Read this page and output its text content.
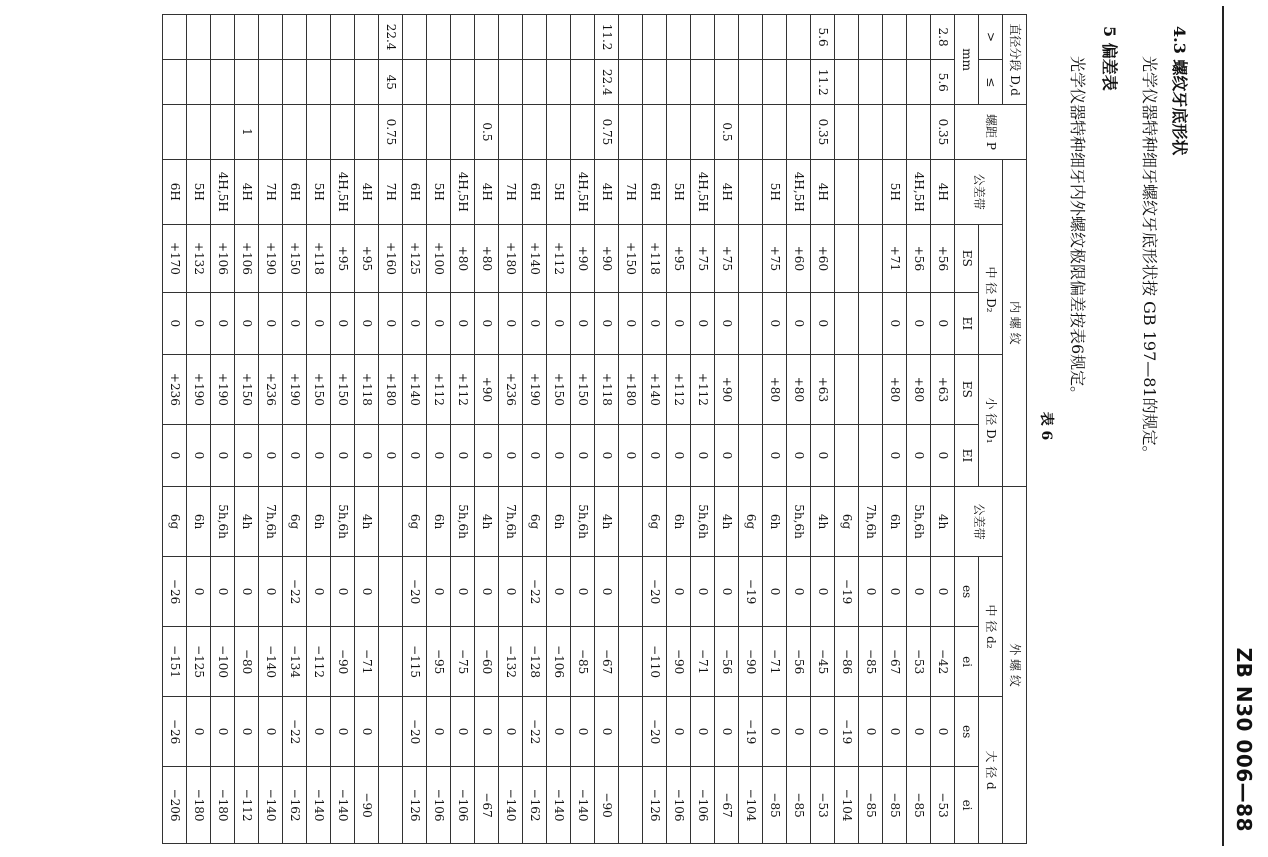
ZB N30 006—88
4.3 螺纹牙底形状
光学仪器特种细牙螺纹牙底形状按 GB 197—81的规定。
5 偏差表
光学仪器特种细牙内外螺纹极限偏差按表6规定。
表 6
直径分段 D,d		螺距 P	内 螺 纹					外 螺 纹				
>	≤		公差带	中 径 D₂		小 径 D₁		公差带	中 径 d₂		大 径 d	
mm				ES	EI	ES	EI		es	ei	es	ei
2.8	5.6	0.35	4H	+56	0	+63	0	4h	0	−42	0	−53
			4H,5H	+56	0	+80	0	5h,6h	0	−53	0	−85
			5H	+71	0	+80	0	6h	0	−67	0	−85
								7h,6h	0	−85	0	−85
								6g	−19	−86	−19	−104
5.6	11.2	0.35	4H	+60	0	+63	0	4h	0	−45	0	−53
			4H,5H	+60	0	+80	0	5h,6h	0	−56	0	−85
			5H	+75	0	+80	0	6h	0	−71	0	−85
								6g	−19	−90	−19	−104
		0.5	4H	+75	0	+90	0	4h	0	−56	0	−67
			4H,5H	+75	0	+112	0	5h,6h	0	−71	0	−106
			5H	+95	0	+112	0	6h	0	−90	0	−106
			6H	+118	0	+140	0	6g	−20	−110	−20	−126
			7H	+150	0	+180	0					
11.2	22.4	0.75	4H	+90	0	+118	0	4h	0	−67	0	−90
			4H,5H	+90	0	+150	0	5h,6h	0	−85	0	−140
			5H	+112	0	+150	0	6h	0	−106	0	−140
			6H	+140	0	+190	0	6g	−22	−128	−22	−162
			7H	+180	0	+236	0	7h,6h	0	−132	0	−140
		0.5	4H	+80	0	+90	0	4h	0	−60	0	−67
			4H,5H	+80	0	+112	0	5h,6h	0	−75	0	−106
			5H	+100	0	+112	0	6h	0	−95	0	−106
			6H	+125	0	+140	0	6g	−20	−115	−20	−126
22.4	45	0.75	7H	+160	0	+180	0					
			4H	+95	0	+118	0	4h	0	−71	0	−90
			4H,5H	+95	0	+150	0	5h,6h	0	−90	0	−140
			5H	+118	0	+150	0	6h	0	−112	0	−140
			6H	+150	0	+190	0	6g	−22	−134	−22	−162
			7H	+190	0	+236	0	7h,6h	0	−140	0	−140
		1	4H	+106	0	+150	0	4h	0	−80	0	−112
			4H,5H	+106	0	+190	0	5h,6h	0	−100	0	−180
			5H	+132	0	+190	0	6h	0	−125	0	−180
			6H	+170	0	+236	0	6g	−26	−151	−26	−206
